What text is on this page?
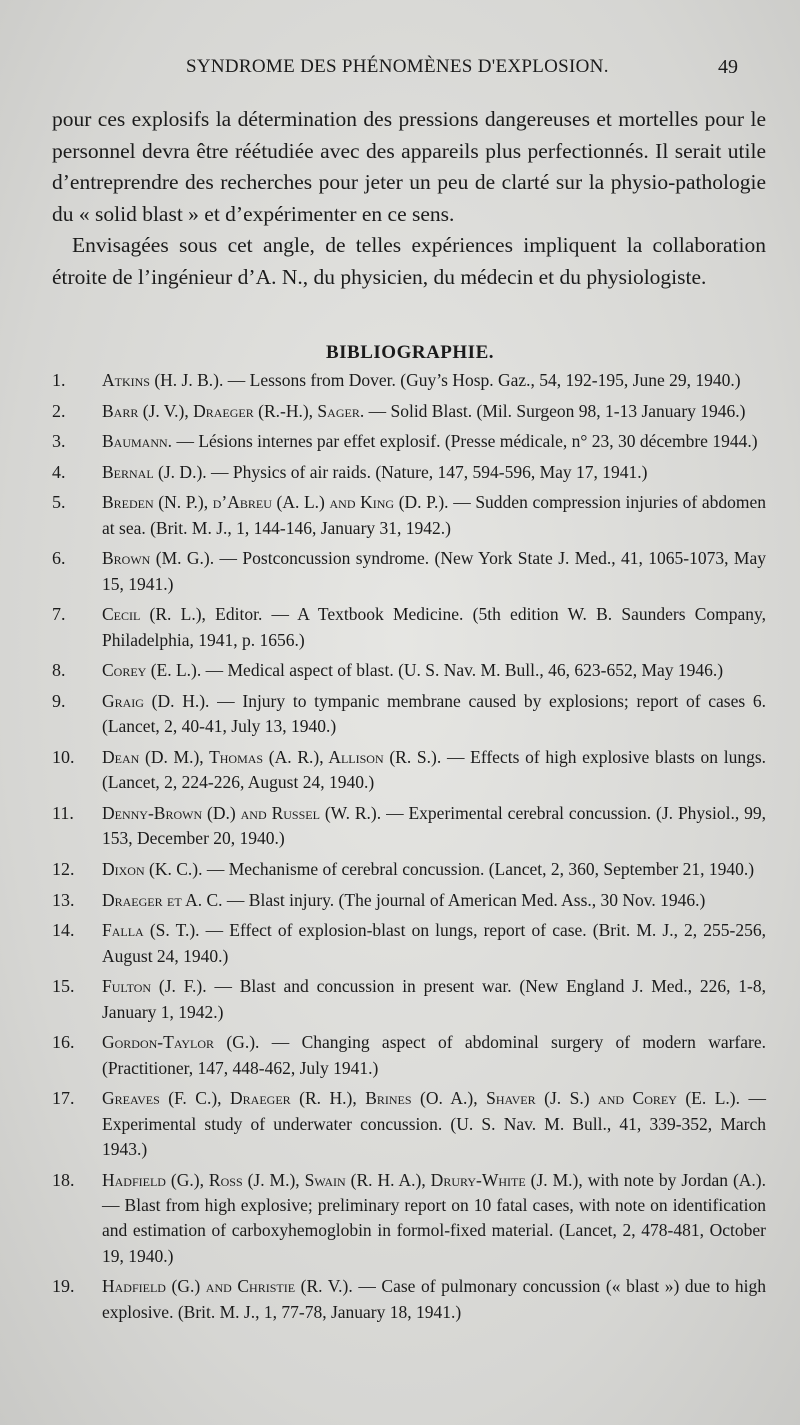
SYNDROME DES PHÉNOMÈNES D'EXPLOSION.	49

pour ces explosifs la détermination des pressions dangereuses et mortelles pour le personnel devra être réétudiée avec des appareils plus perfectionnés. Il serait utile d’entreprendre des recherches pour jeter un peu de clarté sur la physio-pathologie du « solid blast » et d’expérimenter en ce sens.

Envisagées sous cet angle, de telles expériences impliquent la collaboration étroite de l’ingénieur d’A. N., du physicien, du médecin et du physiologiste.

BIBLIOGRAPHIE.
1.	Atkins (H. J. B.). — Lessons from Dover. (Guy’s Hosp. Gaz., 54, 192-195, June 29, 1940.)
2.	Barr (J. V.), Draeger (R.-H.), Sager. — Solid Blast. (Mil. Surgeon 98, 1-13 January 1946.)
3.	Baumann. — Lésions internes par effet explosif. (Presse médicale, n° 23, 30 décembre 1944.)
4.	Bernal (J. D.). — Physics of air raids. (Nature, 147, 594-596, May 17, 1941.)
5.	Breden (N. P.), d’Abreu (A. L.) and King (D. P.). — Sudden compression injuries of abdomen at sea. (Brit. M. J., 1, 144-146, January 31, 1942.)
6.	Brown (M. G.). — Postconcussion syndrome. (New York State J. Med., 41, 1065-1073, May 15, 1941.)
7.	Cecil (R. L.), Editor. — A Textbook Medicine. (5th edition W. B. Saunders Company, Philadelphia, 1941, p. 1656.)
8.	Corey (E. L.). — Medical aspect of blast. (U. S. Nav. M. Bull., 46, 623-652, May 1946.)
9.	Graig (D. H.). — Injury to tympanic membrane caused by explosions; report of cases 6. (Lancet, 2, 40-41, July 13, 1940.)
10.	Dean (D. M.), Thomas (A. R.), Allison (R. S.). — Effects of high explosive blasts on lungs. (Lancet, 2, 224-226, August 24, 1940.)
11.	Denny-Brown (D.) and Russel (W. R.). — Experimental cerebral concussion. (J. Physiol., 99, 153, December 20, 1940.)
12.	Dixon (K. C.). — Mechanisme of cerebral concussion. (Lancet, 2, 360, September 21, 1940.)
13.	Draeger et A. C. — Blast injury. (The journal of American Med. Ass., 30 Nov. 1946.)
14.	Falla (S. T.). — Effect of explosion-blast on lungs, report of case. (Brit. M. J., 2, 255-256, August 24, 1940.)
15.	Fulton (J. F.). — Blast and concussion in present war. (New England J. Med., 226, 1-8, January 1, 1942.)
16.	Gordon-Taylor (G.). — Changing aspect of abdominal surgery of modern warfare. (Practitioner, 147, 448-462, July 1941.)
17.	Greaves (F. C.), Draeger (R. H.), Brines (O. A.), Shaver (J. S.) and Corey (E. L.). — Experimental study of underwater concussion. (U. S. Nav. M. Bull., 41, 339-352, March 1943.)
18.	Hadfield (G.), Ross (J. M.), Swain (R. H. A.), Drury-White (J. M.), with note by Jordan (A.). — Blast from high explosive; preliminary report on 10 fatal cases, with note on identification and estimation of carboxyhemoglobin in formol-fixed material. (Lancet, 2, 478-481, October 19, 1940.)
19.	Hadfield (G.) and Christie (R. V.). — Case of pulmonary concussion (« blast ») due to high explosive. (Brit. M. J., 1, 77-78, January 18, 1941.)
